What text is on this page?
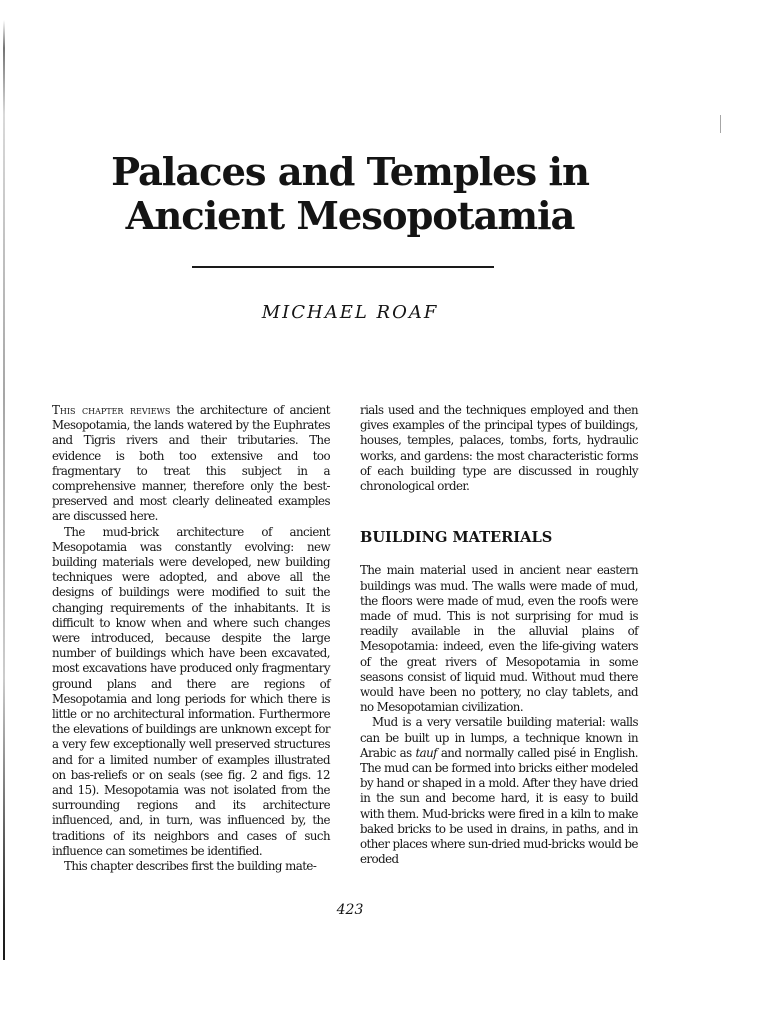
Palaces and Temples in
Ancient Mesopotamia

MICHAEL ROAF

This chapter reviews the architecture of ancient Mesopotamia, the lands watered by the Euphrates and Tigris rivers and their tributaries. The evidence is both too extensive and too fragmentary to treat this subject in a comprehensive manner, therefore only the best-preserved and most clearly delineated examples are discussed here.

The mud-brick architecture of ancient Mesopotamia was constantly evolving: new building materials were developed, new building techniques were adopted, and above all the designs of buildings were modified to suit the changing requirements of the inhabitants. It is difficult to know when and where such changes were introduced, because despite the large number of buildings which have been excavated, most excavations have produced only fragmentary ground plans and there are regions of Mesopotamia and long periods for which there is little or no architectural information. Furthermore the elevations of buildings are unknown except for a very few exceptionally well preserved structures and for a limited number of examples illustrated on bas-reliefs or on seals (see fig. 2 and figs. 12 and 15). Mesopotamia was not isolated from the surrounding regions and its architecture influenced, and, in turn, was influenced by, the traditions of its neighbors and cases of such influence can sometimes be identified.

This chapter describes first the building mate-

rials used and the techniques employed and then gives examples of the principal types of buildings, houses, temples, palaces, tombs, forts, hydraulic works, and gardens: the most characteristic forms of each building type are discussed in roughly chronological order.

BUILDING MATERIALS

The main material used in ancient near eastern buildings was mud. The walls were made of mud, the floors were made of mud, even the roofs were made of mud. This is not surprising for mud is readily available in the alluvial plains of Mesopotamia: indeed, even the life-giving waters of the great rivers of Mesopotamia in some seasons consist of liquid mud. Without mud there would have been no pottery, no clay tablets, and no Mesopotamian civilization.

Mud is a very versatile building material: walls can be built up in lumps, a technique known in Arabic as tauf and normally called pisé in English. The mud can be formed into bricks either modeled by hand or shaped in a mold. After they have dried in the sun and become hard, it is easy to build with them. Mud-bricks were fired in a kiln to make baked bricks to be used in drains, in paths, and in other places where sun-dried mud-bricks would be eroded

423
